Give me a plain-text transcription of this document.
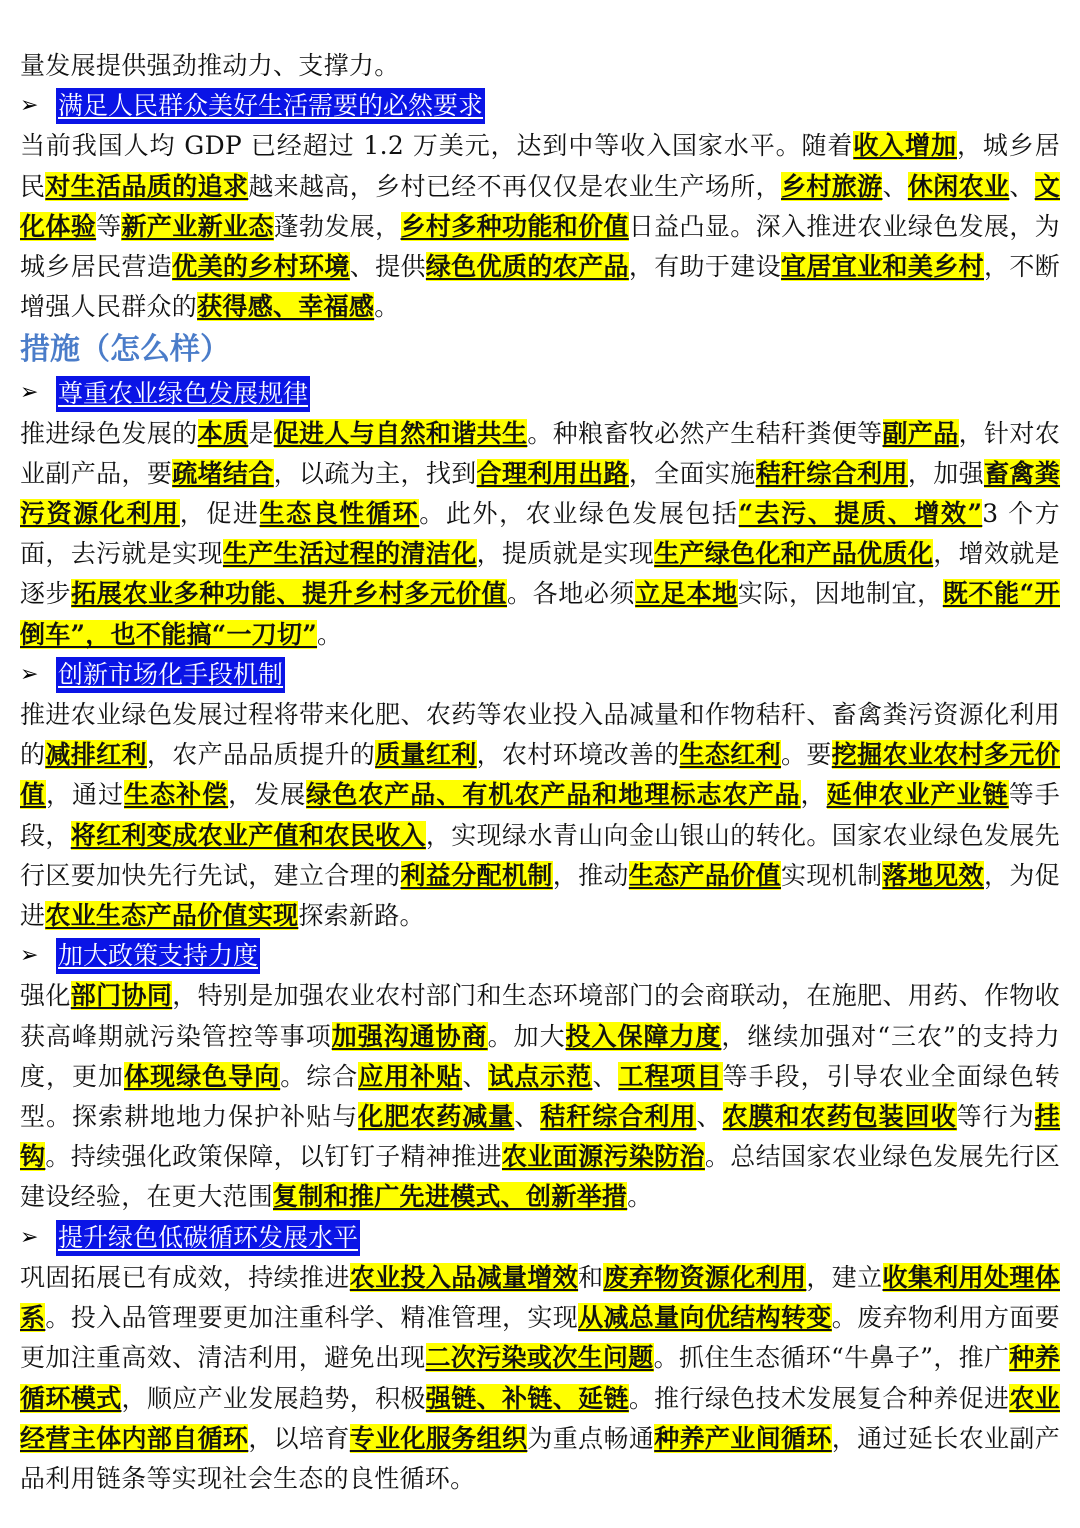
量发展提供强劲推动力、支撑力。

➢ 满足人民群众美好生活需要的必然要求

当前我国人均 GDP 已经超过 1.2 万美元，达到中等收入国家水平。随着收入增加，城乡居民对生活品质的追求越来越高，乡村已经不再仅仅是农业生产场所，乡村旅游、休闲农业、文化体验等新产业新业态蓬勃发展，乡村多种功能和价值日益凸显。深入推进农业绿色发展，为城乡居民营造优美的乡村环境、提供绿色优质的农产品，有助于建设宜居宜业和美乡村，不断增强人民群众的获得感、幸福感。

措施（怎么样）
➢ 尊重农业绿色发展规律

推进绿色发展的本质是促进人与自然和谐共生。种粮畜牧必然产生秸秆粪便等副产品，针对农业副产品，要疏堵结合，以疏为主，找到合理利用出路，全面实施秸秆综合利用，加强畜禽粪污资源化利用，促进生态良性循环。此外，农业绿色发展包括“去污、提质、增效”3 个方面，去污就是实现生产生活过程的清洁化，提质就是实现生产绿色化和产品优质化，增效就是逐步拓展农业多种功能、提升乡村多元价值。各地必须立足本地实际，因地制宜，既不能“开倒车”，也不能搞“一刀切”。

➢ 创新市场化手段机制

推进农业绿色发展过程将带来化肥、农药等农业投入品减量和作物秸秆、畜禽粪污资源化利用的减排红利，农产品品质提升的质量红利，农村环境改善的生态红利。要挖掘农业农村多元价值，通过生态补偿，发展绿色农产品、有机农产品和地理标志农产品，延伸农业产业链等手段，将红利变成农业产值和农民收入，实现绿水青山向金山银山的转化。国家农业绿色发展先行区要加快先行先试，建立合理的利益分配机制，推动生态产品价值实现机制落地见效，为促进农业生态产品价值实现探索新路。

➢ 加大政策支持力度

强化部门协同，特别是加强农业农村部门和生态环境部门的会商联动，在施肥、用药、作物收获高峰期就污染管控等事项加强沟通协商。加大投入保障力度，继续加强对“三农”的支持力度，更加体现绿色导向。综合应用补贴、试点示范、工程项目等手段，引导农业全面绿色转型。探索耕地地力保护补贴与化肥农药减量、秸秆综合利用、农膜和农药包装回收等行为挂钩。持续强化政策保障，以钉钉子精神推进农业面源污染防治。总结国家农业绿色发展先行区建设经验，在更大范围复制和推广先进模式、创新举措。

➢ 提升绿色低碳循环发展水平

巩固拓展已有成效，持续推进农业投入品减量增效和废弃物资源化利用，建立收集利用处理体系。投入品管理要更加注重科学、精准管理，实现从减总量向优结构转变。废弃物利用方面要更加注重高效、清洁利用，避免出现二次污染或次生问题。抓住生态循环“牛鼻子”，推广种养循环模式，顺应产业发展趋势，积极强链、补链、延链。推行绿色技术发展复合种养促进农业经营主体内部自循环，以培育专业化服务组织为重点畅通种养产业间循环，通过延长农业副产品利用链条等实现社会生态的良性循环。
